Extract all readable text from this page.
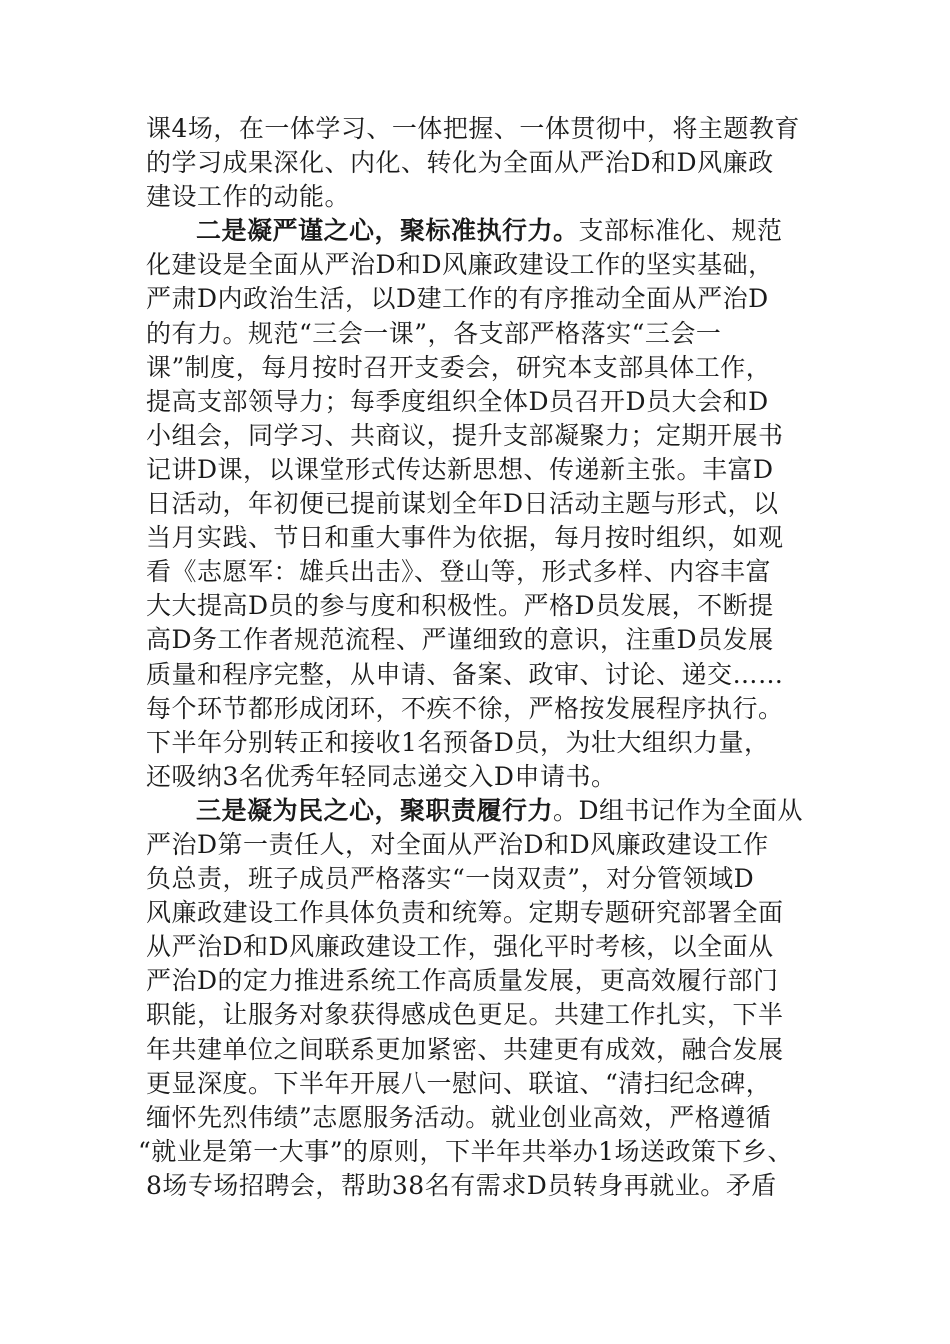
课4场，在一体学习、一体把握、一体贯彻中，将主题教育
的学习成果深化、内化、转化为全面从严治D和D风廉政
建设工作的动能。
二是凝严谨之心，聚标准执行力。支部标准化、规范
化建设是全面从严治D和D风廉政建设工作的坚实基础，
严肃D内政治生活，以D建工作的有序推动全面从严治D
的有力。规范“三会一课”，各支部严格落实“三会一
课”制度，每月按时召开支委会，研究本支部具体工作，
提高支部领导力；每季度组织全体D员召开D员大会和D
小组会，同学习、共商议，提升支部凝聚力；定期开展书
记讲D课，以课堂形式传达新思想、传递新主张。丰富D
日活动，年初便已提前谋划全年D日活动主题与形式，以
当月实践、节日和重大事件为依据，每月按时组织，如观
看《志愿军：雄兵出击》、登山等，形式多样、内容丰富
大大提高D员的参与度和积极性。严格D员发展，不断提
高D务工作者规范流程、严谨细致的意识，注重D员发展
质量和程序完整，从申请、备案、政审、讨论、递交……
每个环节都形成闭环，不疾不徐，严格按发展程序执行。
下半年分别转正和接收1名预备D员，为壮大组织力量，
还吸纳3名优秀年轻同志递交入D申请书。
三是凝为民之心，聚职责履行力。D组书记作为全面从
严治D第一责任人，对全面从严治D和D风廉政建设工作
负总责，班子成员严格落实“一岗双责”，对分管领域D
风廉政建设工作具体负责和统筹。定期专题研究部署全面
从严治D和D风廉政建设工作，强化平时考核，以全面从
严治D的定力推进系统工作高质量发展，更高效履行部门
职能，让服务对象获得感成色更足。共建工作扎实，下半
年共建单位之间联系更加紧密、共建更有成效，融合发展
更显深度。下半年开展八一慰问、联谊、“清扫纪念碑，
缅怀先烈伟绩”志愿服务活动。就业创业高效，严格遵循
“就业是第一大事”的原则，下半年共举办1场送政策下乡、
8场专场招聘会，帮助38名有需求D员转身再就业。矛盾
